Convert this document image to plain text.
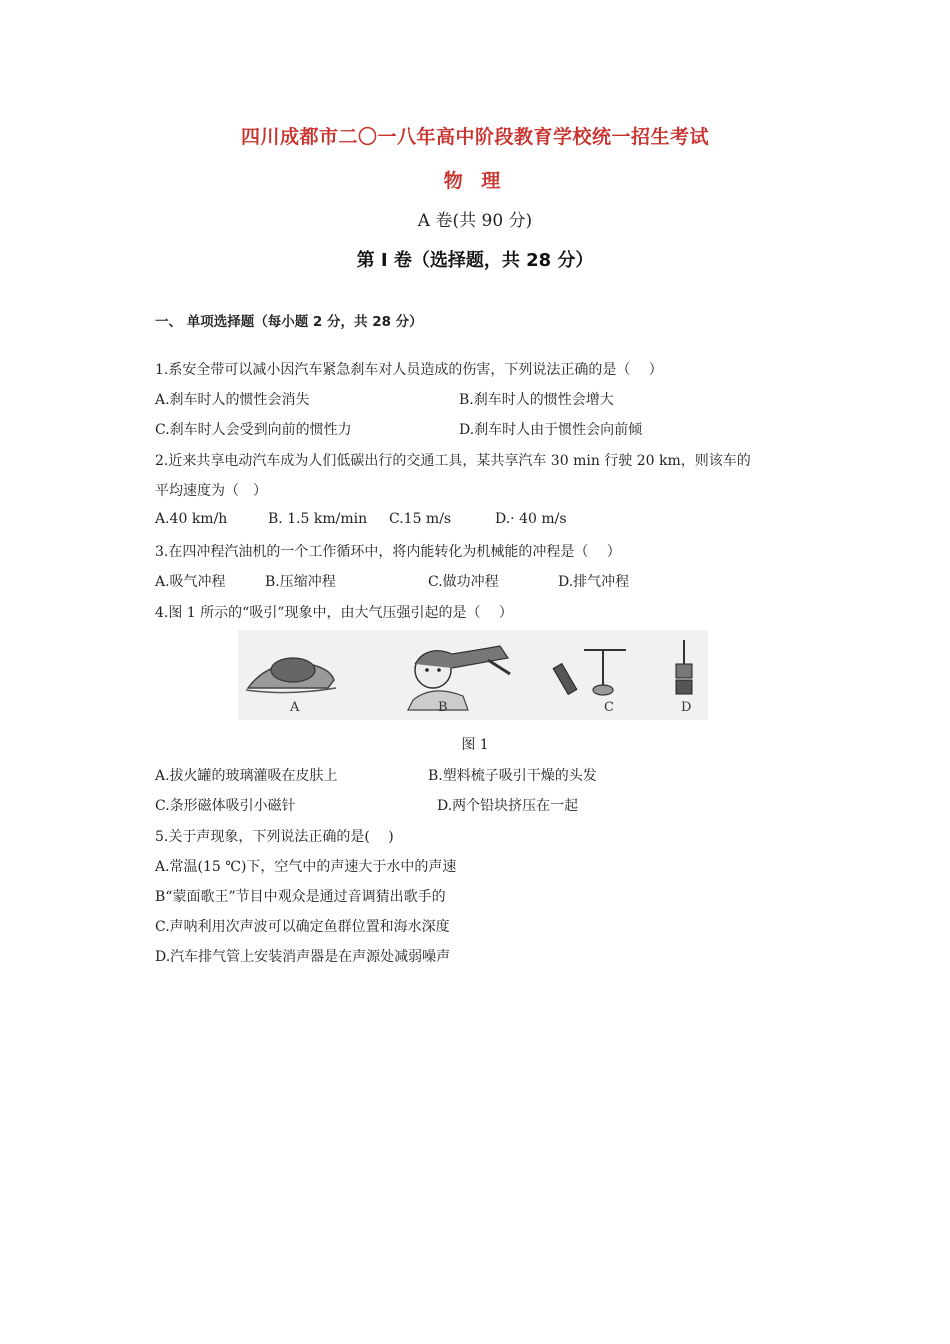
四川成都市二〇一八年高中阶段教育学校统一招生考试
物 理
A 卷(共 90 分)
第 I 卷（选择题，共 28 分）
一、 单项选择题（每小题 2 分，共 28 分）
1.系安全带可以减小因汽车紧急刹车对人员造成的伤害，下列说法正确的是（　 ）
A.刹车时人的惯性会消失	B.刹车时人的惯性会增大
C.刹车时人会受到向前的惯性力	D.刹车时人由于惯性会向前倾
2.近来共享电动汽车成为人们低碳出行的交通工具，某共享汽车 30 min 行驶 20 km，则该车的
平均速度为（　）
A.40 km/h	B. 1.5 km/min C.15 m/s	D.· 40 m/s
3.在四冲程汽油机的一个工作循环中，将内能转化为机械能的冲程是（　 ）
A.吸气冲程	B.压缩冲程	C.做功冲程	D.排气冲程
4.图 1 所示的“吸引”现象中，由大气压强引起的是（　 ）
A	B	C	D
图 1
A.拔火罐的玻璃灌吸在皮肤上	B.塑料梳子吸引干燥的头发
C.条形磁体吸引小磁针	D.两个铅块挤压在一起
5.关于声现象，下列说法正确的是(　 )
A.常温(15 ℃)下，空气中的声速大于水中的声速
B“蒙面歌王”节目中观众是通过音调猜出歌手的
C.声呐利用次声波可以确定鱼群位置和海水深度
D.汽车排气管上安装消声器是在声源处减弱噪声
